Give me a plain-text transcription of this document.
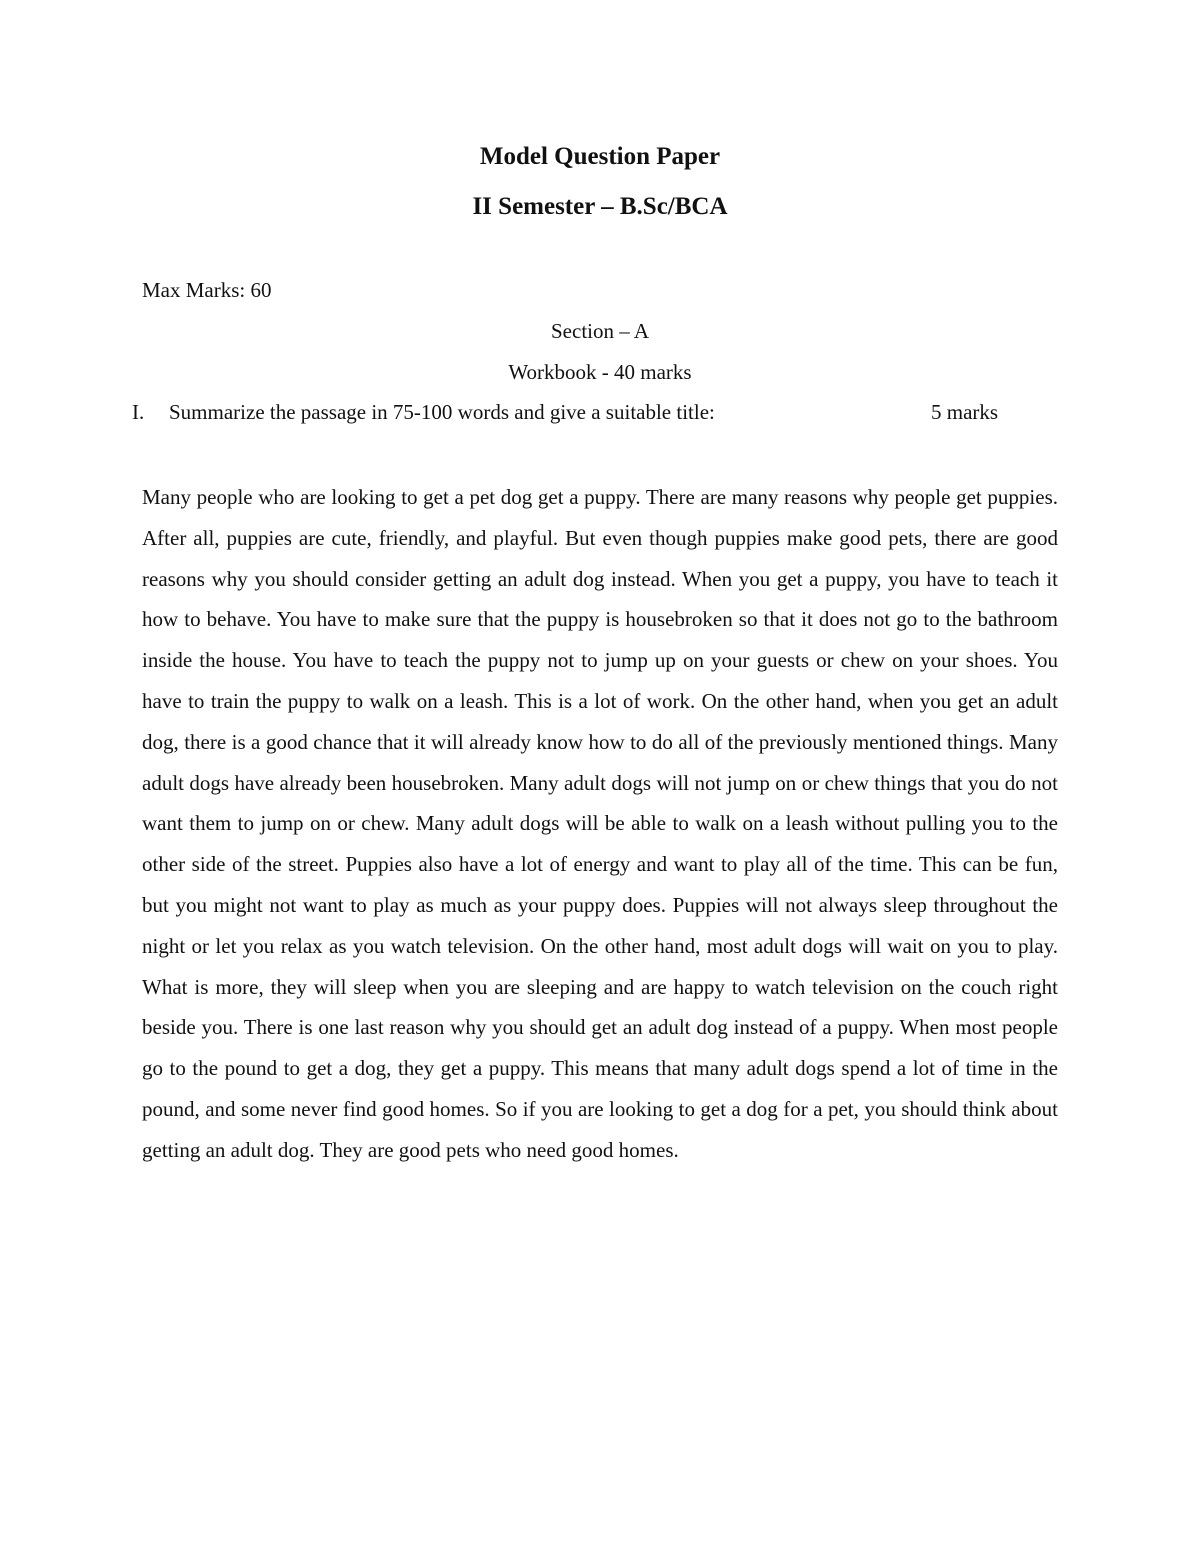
Model Question Paper
II Semester – B.Sc/BCA

Max Marks: 60

Section – A

Workbook - 40 marks

I. Summarize the passage in 75-100 words and give a suitable title:	5 marks

Many people who are looking to get a pet dog get a puppy. There are many reasons why people get puppies. After all, puppies are cute, friendly, and playful. But even though puppies make good pets, there are good reasons why you should consider getting an adult dog instead. When you get a puppy, you have to teach it how to behave. You have to make sure that the puppy is housebroken so that it does not go to the bathroom inside the house. You have to teach the puppy not to jump up on your guests or chew on your shoes. You have to train the puppy to walk on a leash. This is a lot of work. On the other hand, when you get an adult dog, there is a good chance that it will already know how to do all of the previously mentioned things. Many adult dogs have already been housebroken. Many adult dogs will not jump on or chew things that you do not want them to jump on or chew. Many adult dogs will be able to walk on a leash without pulling you to the other side of the street. Puppies also have a lot of energy and want to play all of the time. This can be fun, but you might not want to play as much as your puppy does. Puppies will not always sleep throughout the night or let you relax as you watch television. On the other hand, most adult dogs will wait on you to play. What is more, they will sleep when you are sleeping and are happy to watch television on the couch right beside you. There is one last reason why you should get an adult dog instead of a puppy. When most people go to the pound to get a dog, they get a puppy. This means that many adult dogs spend a lot of time in the pound, and some never find good homes. So if you are looking to get a dog for a pet, you should think about getting an adult dog. They are good pets who need good homes.
